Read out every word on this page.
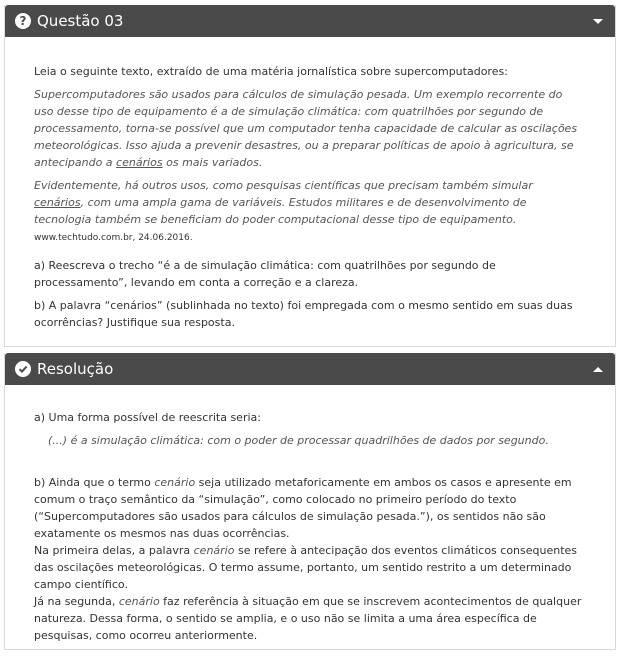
? Questão 03

Leia o seguinte texto, extraído de uma matéria jornalística sobre supercomputadores:

Supercomputadores são usados para cálculos de simulação pesada. Um exemplo recorrente do uso desse tipo de equipamento é a de simulação climática: com quatrilhões por segundo de processamento, torna-se possível que um computador tenha capacidade de calcular as oscilações meteorológicas. Isso ajuda a prevenir desastres, ou a preparar políticas de apoio à agricultura, se antecipando a cenários os mais variados.

Evidentemente, há outros usos, como pesquisas científicas que precisam também simular cenários, com uma ampla gama de variáveis. Estudos militares e de desenvolvimento de tecnologia também se beneficiam do poder computacional desse tipo de equipamento.

www.techtudo.com.br, 24.06.2016.

a) Reescreva o trecho “é a de simulação climática: com quatrilhões por segundo de processamento”, levando em conta a correção e a clareza.

b) A palavra “cenários” (sublinhada no texto) foi empregada com o mesmo sentido em suas duas ocorrências? Justifique sua resposta.

Resolução

a) Uma forma possível de reescrita seria:

(...) é a simulação climática: com o poder de processar quadrilhões de dados por segundo.

b) Ainda que o termo cenário seja utilizado metaforicamente em ambos os casos e apresente em comum o traço semântico da “simulação”, como colocado no primeiro período do texto (“Supercomputadores são usados para cálculos de simulação pesada.”), os sentidos não são exatamente os mesmos nas duas ocorrências.

Na primeira delas, a palavra cenário se refere à antecipação dos eventos climáticos consequentes das oscilações meteorológicas. O termo assume, portanto, um sentido restrito a um determinado campo científico.

Já na segunda, cenário faz referência à situação em que se inscrevem acontecimentos de qualquer natureza. Dessa forma, o sentido se amplia, e o uso não se limita a uma área específica de pesquisas, como ocorreu anteriormente.
